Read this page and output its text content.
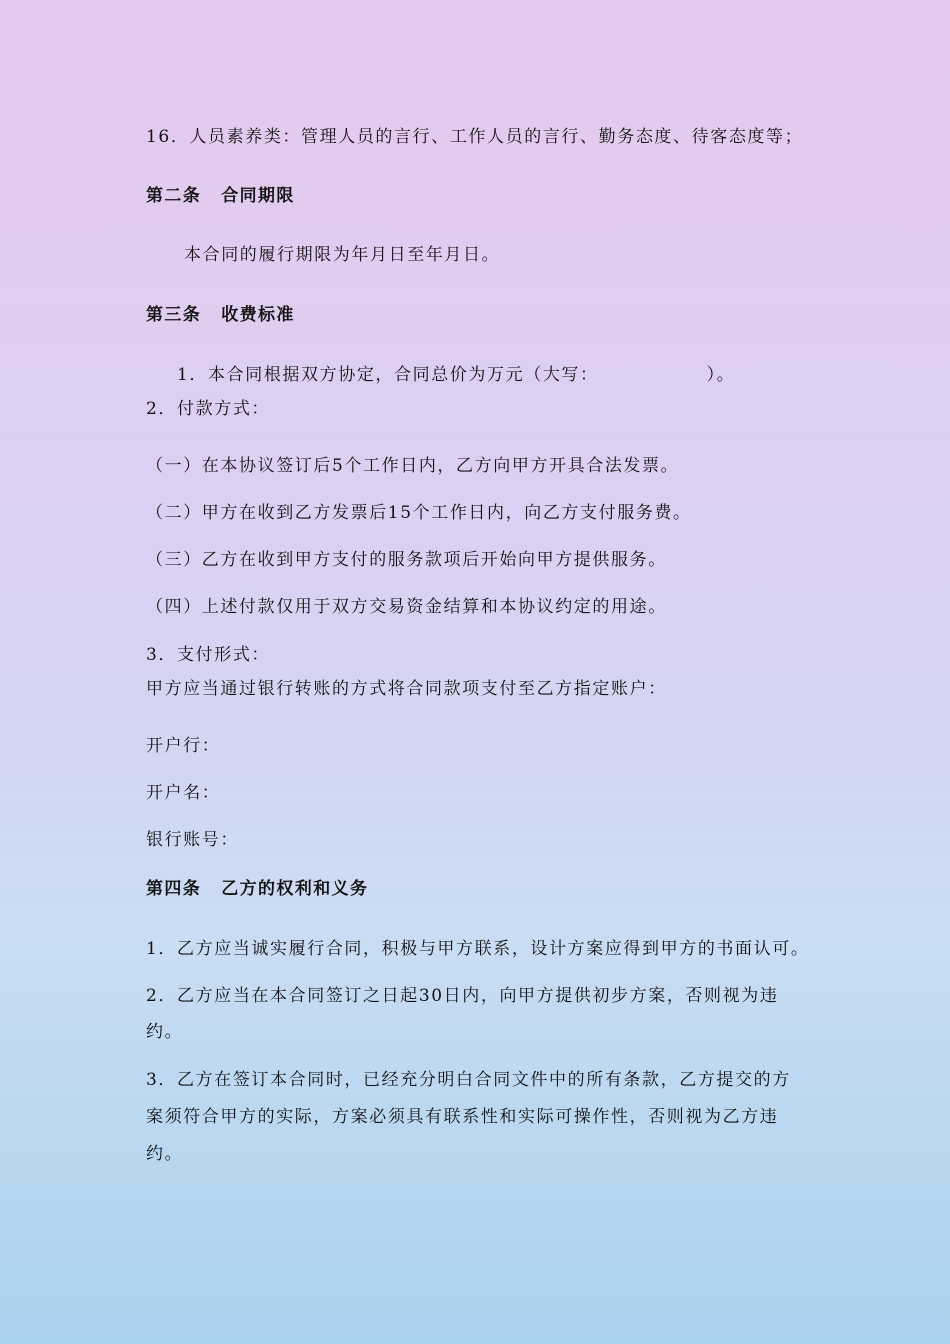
16．人员素养类：管理人员的言行、工作人员的言行、勤务态度、待客态度等；
第二条 合同期限
本合同的履行期限为年月日至年月日。
第三条 收费标准
1．本合同根据双方协定，合同总价为万元（大写：	）。
2．付款方式：
（一）在本协议签订后5个工作日内，乙方向甲方开具合法发票。
（二）甲方在收到乙方发票后15个工作日内，向乙方支付服务费。
（三）乙方在收到甲方支付的服务款项后开始向甲方提供服务。
（四）上述付款仅用于双方交易资金结算和本协议约定的用途。
3．支付形式：
甲方应当通过银行转账的方式将合同款项支付至乙方指定账户：
开户行：
开户名：
银行账号：
第四条 乙方的权利和义务
1．乙方应当诚实履行合同，积极与甲方联系，设计方案应得到甲方的书面认可。
2．乙方应当在本合同签订之日起30日内，向甲方提供初步方案，否则视为违
约。
3．乙方在签订本合同时，已经充分明白合同文件中的所有条款，乙方提交的方
案须符合甲方的实际，方案必须具有联系性和实际可操作性，否则视为乙方违
约。
